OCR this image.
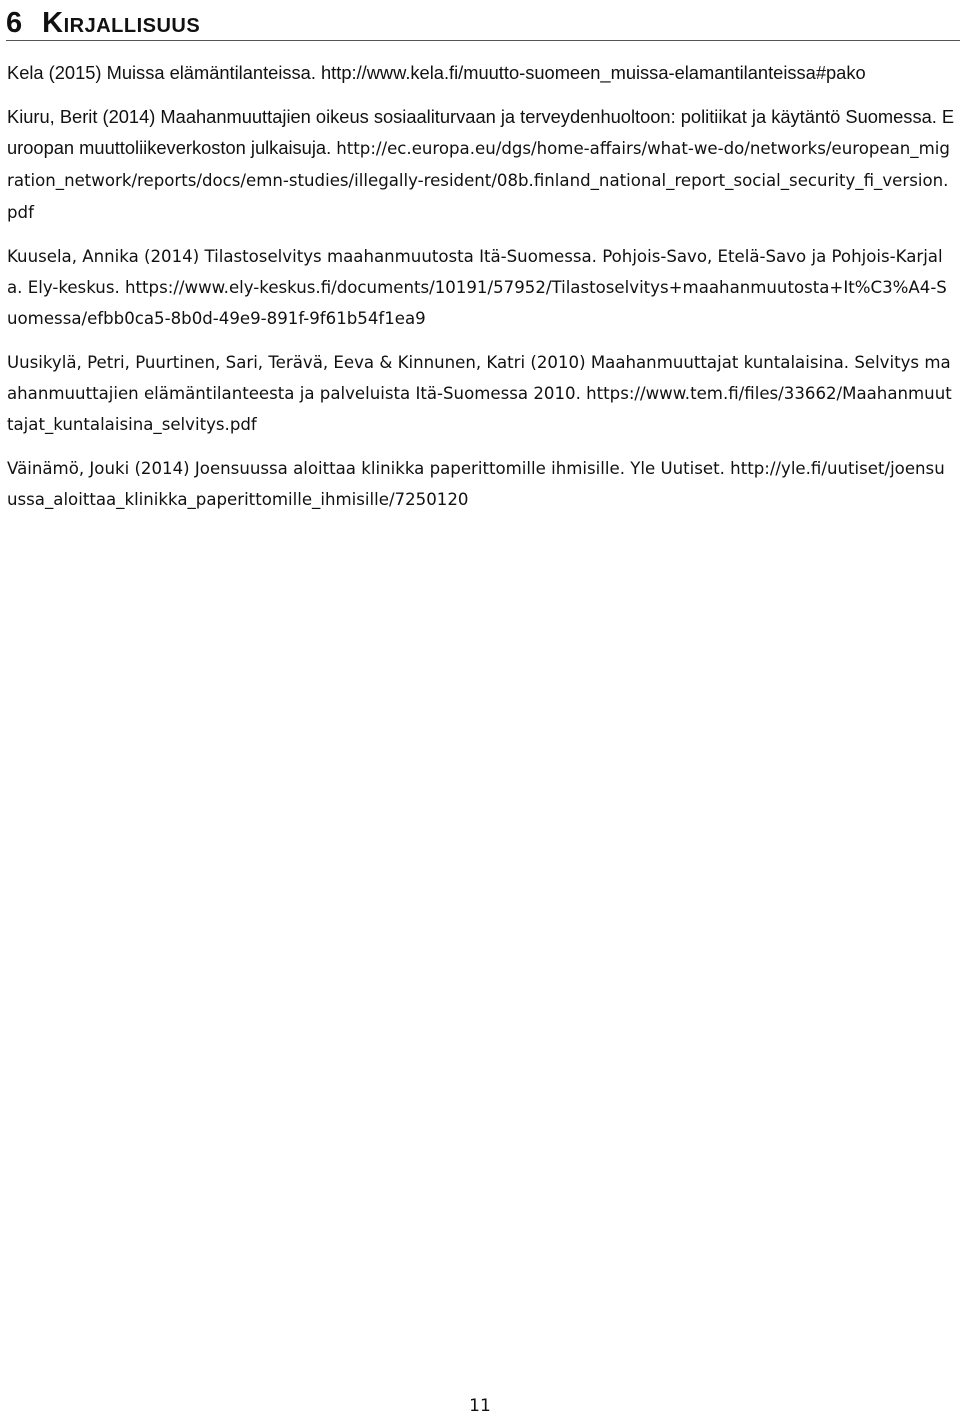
6 Kirjallisuus

Kela (2015) Muissa elämäntilanteissa. http://www.kela.fi/muutto-suomeen_muissa-elamantilanteissa#pako

Kiuru, Berit (2014) Maahanmuuttajien oikeus sosiaaliturvaan ja terveydenhuoltoon: politiikat ja käytäntö Suomessa. Euroopan muuttoliikeverkoston julkaisuja. http://ec.europa.eu/dgs/home-affairs/what-we-do/networks/european_migration_network/reports/docs/emn-studies/illegally-resident/08b.finland_national_report_social_security_fi_version.pdf

Kuusela, Annika (2014) Tilastoselvitys maahanmuutosta Itä-Suomessa. Pohjois-Savo, Etelä-Savo ja Pohjois-Karjala. Ely-keskus. https://www.ely-keskus.fi/documents/10191/57952/Tilastoselvitys+maahanmuutosta+It%C3%A4-Suomessa/efbb0ca5-8b0d-49e9-891f-9f61b54f1ea9

Uusikylä, Petri, Puurtinen, Sari, Terävä, Eeva & Kinnunen, Katri (2010) Maahanmuuttajat kuntalaisina. Selvitys maahanmuuttajien elämäntilanteesta ja palveluista Itä-Suomessa 2010. https://www.tem.fi/files/33662/Maahanmuuttajat_kuntalaisina_selvitys.pdf

Väinämö, Jouki (2014) Joensuussa aloittaa klinikka paperittomille ihmisille. Yle Uutiset. http://yle.fi/uutiset/joensuussa_aloittaa_klinikka_paperittomille_ihmisille/7250120

11
